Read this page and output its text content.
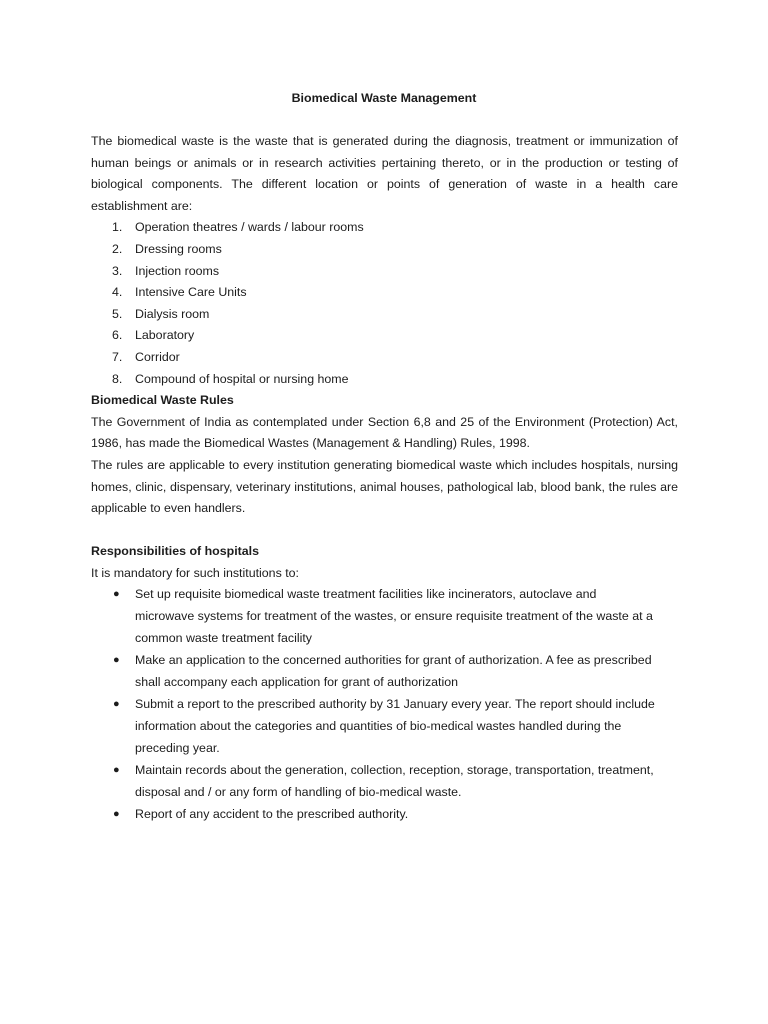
Biomedical Waste Management

The biomedical waste is the waste that is generated during the diagnosis, treatment or immunization of human beings or animals or in research activities pertaining thereto, or in the production or testing of biological components. The different location or points of generation of waste in a health care establishment are:

1. Operation theatres / wards / labour rooms
2. Dressing rooms
3. Injection rooms
4. Intensive Care Units
5. Dialysis room
6. Laboratory
7. Corridor
8. Compound of hospital or nursing home

Biomedical Waste Rules

The Government of India as contemplated under Section 6,8 and 25 of the Environment (Protection) Act, 1986, has made the Biomedical Wastes (Management & Handling) Rules, 1998.

The rules are applicable to every institution generating biomedical waste which includes hospitals, nursing homes, clinic, dispensary, veterinary institutions, animal houses, pathological lab, blood bank, the rules are applicable to even handlers.

Responsibilities of hospitals

It is mandatory for such institutions to:

● Set up requisite biomedical waste treatment facilities like incinerators, autoclave and microwave systems for treatment of the wastes, or ensure requisite treatment of the waste at a common waste treatment facility
● Make an application to the concerned authorities for grant of authorization. A fee as prescribed shall accompany each application for grant of authorization
● Submit a report to the prescribed authority by 31 January every year. The report should include information about the categories and quantities of bio-medical wastes handled during the preceding year.
● Maintain records about the generation, collection, reception, storage, transportation, treatment, disposal and / or any form of handling of bio-medical waste.
● Report of any accident to the prescribed authority.
